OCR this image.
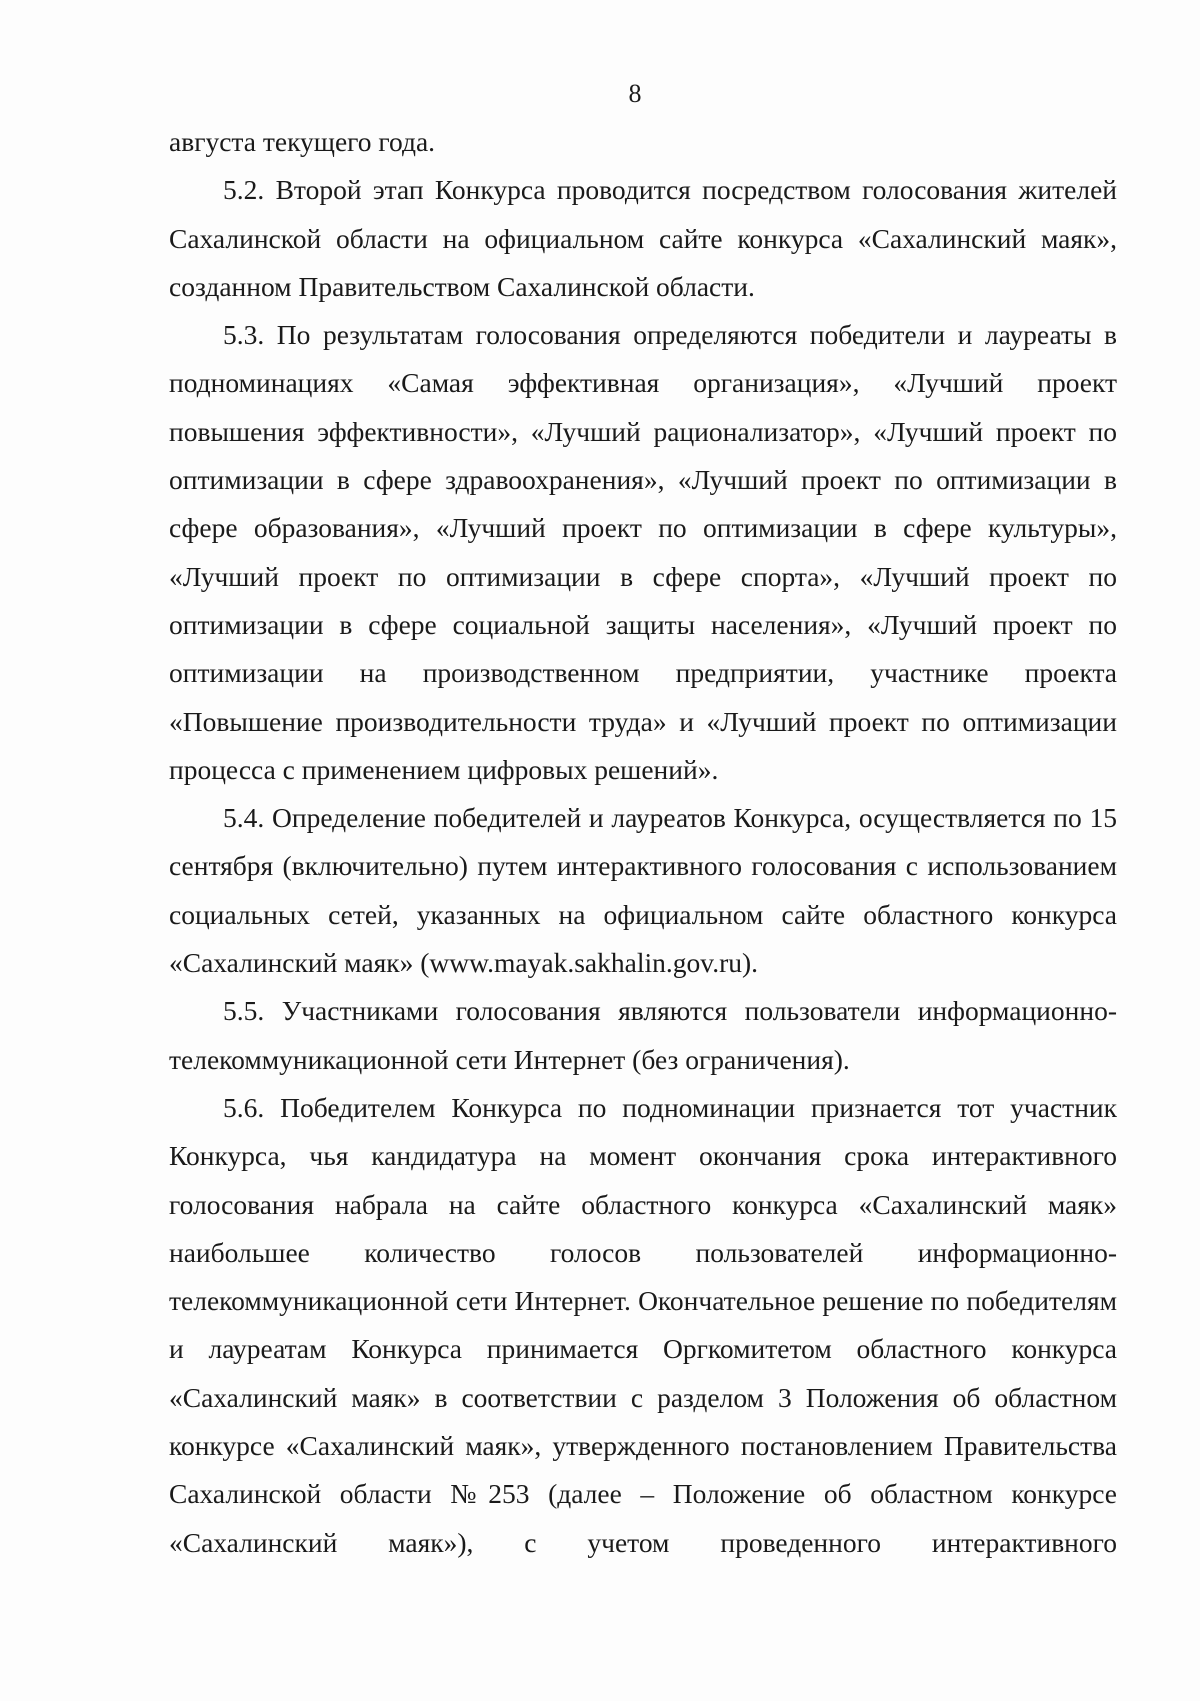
8

августа текущего года.

5.2. Второй этап Конкурса проводится посредством голосования жителей Сахалинской области на официальном сайте конкурса «Сахалинский маяк», созданном Правительством Сахалинской области.

5.3. По результатам голосования определяются победители и лауреаты в подноминациях «Самая эффективная организация», «Лучший проект повышения эффективности», «Лучший рационализатор», «Лучший проект по оптимизации в сфере здравоохранения», «Лучший проект по оптимизации в сфере образования», «Лучший проект по оптимизации в сфере культуры», «Лучший проект по оптимизации в сфере спорта», «Лучший проект по оптимизации в сфере социальной защиты населения», «Лучший проект по оптимизации на производственном предприятии, участнике проекта «Повышение производительности труда» и «Лучший проект по оптимизации процесса с применением цифровых решений».

5.4. Определение победителей и лауреатов Конкурса, осуществляется по 15 сентября (включительно) путем интерактивного голосования с использованием социальных сетей, указанных на официальном сайте областного конкурса «Сахалинский маяк» (www.mayak.sakhalin.gov.ru).

5.5. Участниками голосования являются пользователи информационно-телекоммуникационной сети Интернет (без ограничения).

5.6. Победителем Конкурса по подноминации признается тот участник Конкурса, чья кандидатура на момент окончания срока интерактивного голосования набрала на сайте областного конкурса «Сахалинский маяк» наибольшее количество голосов пользователей информационно-телекоммуникационной сети Интернет. Окончательное решение по победителям и лауреатам Конкурса принимается Оргкомитетом областного конкурса «Сахалинский маяк» в соответствии с разделом 3 Положения об областном конкурсе «Сахалинский маяк», утвержденного постановлением Правительства Сахалинской области №253 (далее – Положение об областном конкурсе «Сахалинский маяк»), с учетом проведенного интерактивного
